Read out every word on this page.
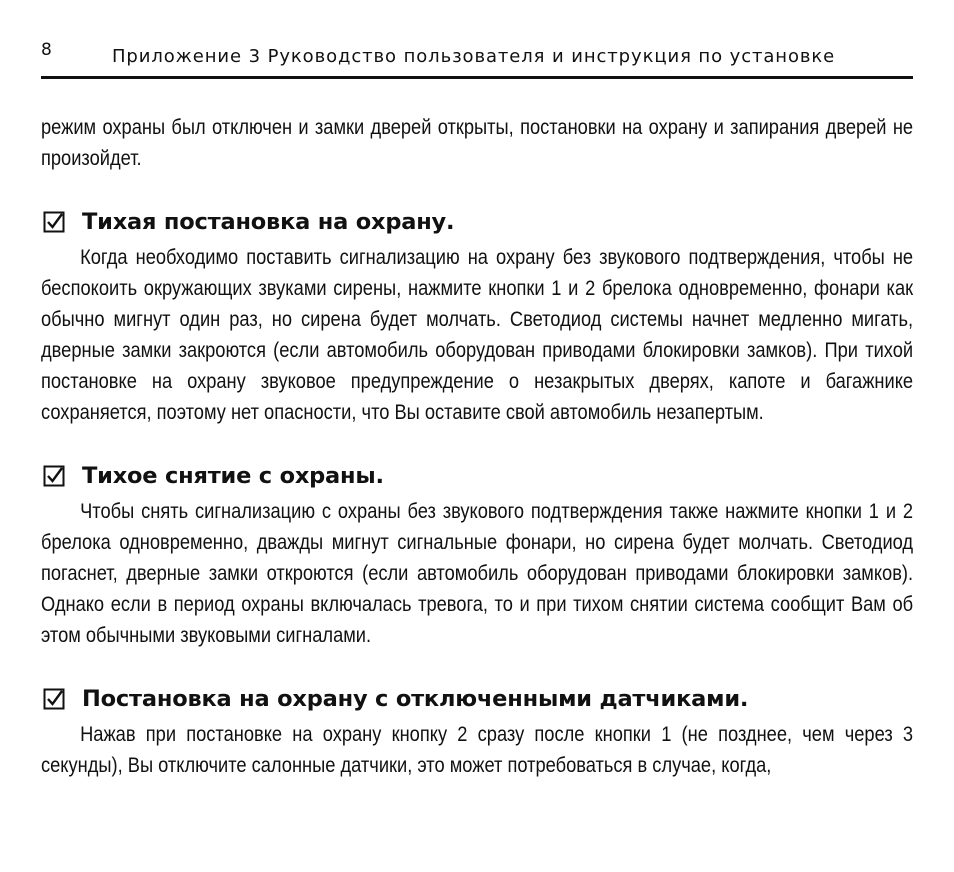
8	Приложение 3 Руководство пользователя и инструкция по установке

режим охраны был отключен и замки дверей открыты, постановки на охрану и запирания дверей не произойдет.

Тихая постановка на охрану.

Когда необходимо поставить сигнализацию на охрану без звукового подтверждения, чтобы не беспокоить окружающих звуками сирены, нажмите кнопки 1 и 2 брелока одновременно, фонари как обычно мигнут один раз, но сирена будет молчать. Светодиод системы начнет медленно мигать, дверные замки закроются (если автомобиль оборудован приводами блокировки замков). При тихой постановке на охрану звуковое предупреждение о незакрытых дверях, капоте и багажнике сохраняется, поэтому нет опасности, что Вы оставите свой автомобиль незапертым.

Тихое снятие с охраны.

Чтобы снять сигнализацию с охраны без звукового подтверждения также нажмите кнопки 1 и 2 брелока одновременно, дважды мигнут сигнальные фонари, но сирена будет молчать. Светодиод погаснет, дверные замки откроются (если автомобиль оборудован приводами блокировки замков). Однако если в период охраны включалась тревога, то и при тихом снятии система сообщит Вам об этом обычными звуковыми сигналами.

Постановка на охрану с отключенными датчиками.

Нажав при постановке на охрану кнопку 2 сразу после кнопки 1 (не позднее, чем через 3 секунды), Вы отключите салонные датчики, это может потребоваться в случае, когда,
